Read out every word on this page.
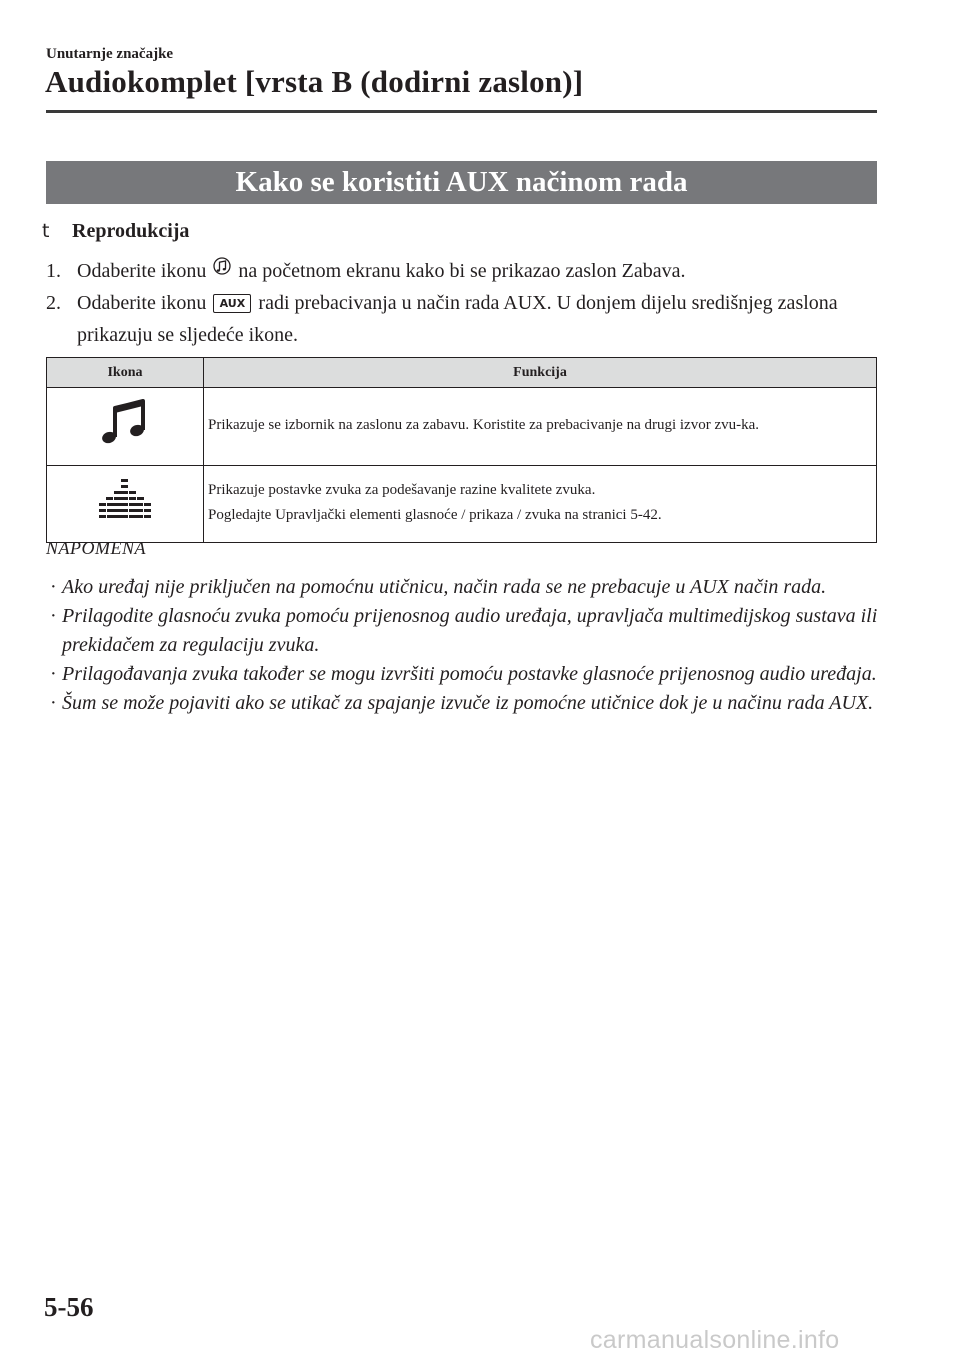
Unutarnje značajke
Audiokomplet [vrsta B (dodirni zaslon)]
Kako se koristiti AUX načinom rada
t Reprodukcija
1. Odaberite ikonu na početnom ekranu kako bi se prikazao zaslon Zabava.
2. Odaberite ikonu AUX radi prebacivanja u način rada AUX. U donjem dijelu središnjeg zaslona prikazuju se sljedeće ikone.
Ikona	Funkcija
	Prikazuje se izbornik na zaslonu za zabavu. Koristite za prebacivanje na drugi izvor zvu-ka.

Prikazuje postavke zvuka za podešavanje razine kvalitete zvuka.
Pogledajte Upravljački elementi glasnoće / prikaza / zvuka na stranici 5-42.
NAPOMENA
· Ako uređaj nije priključen na pomoćnu utičnicu, način rada se ne prebacuje u AUX način rada.
· Prilagodite glasnoću zvuka pomoću prijenosnog audio uređaja, upravljača multimedijskog sustava ili prekidačem za regulaciju zvuka.
· Prilagođavanja zvuka također se mogu izvršiti pomoću postavke glasnoće prijenosnog audio uređaja.
· Šum se može pojaviti ako se utikač za spajanje izvuče iz pomoćne utičnice dok je u načinu rada AUX.
5-56
carmanualsonline.info
